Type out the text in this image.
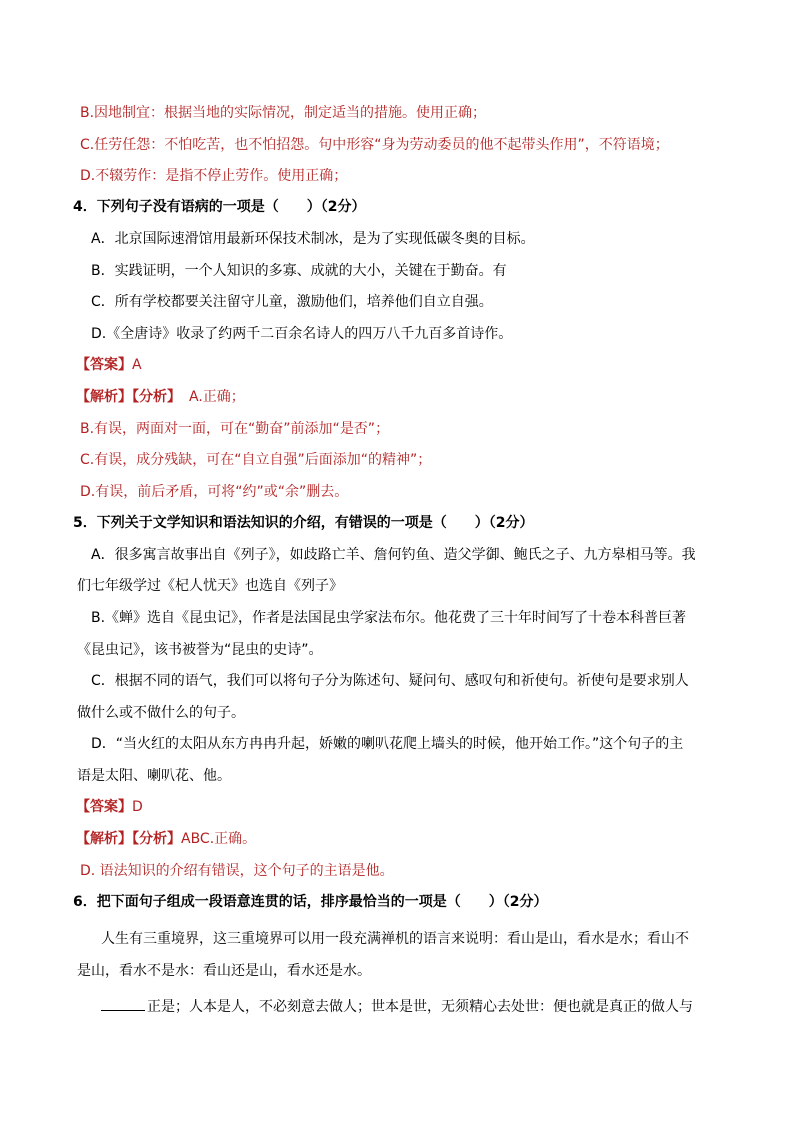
B.因地制宜：根据当地的实际情况，制定适当的措施。使用正确；
C.任劳任怨：不怕吃苦，也不怕招怨。句中形容“身为劳动委员的他不起带头作用”，不符语境；
D.不辍劳作：是指不停止劳作。使用正确；
4．下列句子没有语病的一项是（　　）（2分）
A．北京国际速滑馆用最新环保技术制冰，是为了实现低碳冬奥的目标。
B．实践证明，一个人知识的多寡、成就的大小，关键在于勤奋。有
C．所有学校都要关注留守儿童，激励他们，培养他们自立自强。
D.《全唐诗》收录了约两千二百余名诗人的四万八千九百多首诗作。
【答案】A
【解析】【分析】 A.正确；
B.有误，两面对一面，可在“勤奋”前添加“是否”；
C.有误，成分残缺，可在“自立自强”后面添加“的精神”；
D.有误，前后矛盾，可将“约”或“余”删去。
5．下列关于文学知识和语法知识的介绍，有错误的一项是（　　）（2分）
A．很多寓言故事出自《列子》，如歧路亡羊、詹何钓鱼、造父学御、鲍氏之子、九方皋相马等。我
们七年级学过《杞人忧天》也选自《列子》
B.《蝉》选自《昆虫记》，作者是法国昆虫学家法布尔。他花费了三十年时间写了十卷本科普巨著
《昆虫记》，该书被誉为“昆虫的史诗”。
C．根据不同的语气，我们可以将句子分为陈述句、疑问句、感叹句和祈使句。祈使句是要求别人
做什么或不做什么的句子。
D．“当火红的太阳从东方冉冉升起，娇嫩的喇叭花爬上墙头的时候，他开始工作。”这个句子的主
语是太阳、喇叭花、他。
【答案】D
【解析】【分析】ABC.正确。
D. 语法知识的介绍有错误，这个句子的主语是他。
6．把下面句子组成一段语意连贯的话，排序最恰当的一项是（　　）（2分）
人生有三重境界，这三重境界可以用一段充满禅机的语言来说明：看山是山，看水是水；看山不
是山，看水不是水：看山还是山，看水还是水。
正是；人本是人，不必刻意去做人；世本是世，无须精心去处世：便也就是真正的做人与
